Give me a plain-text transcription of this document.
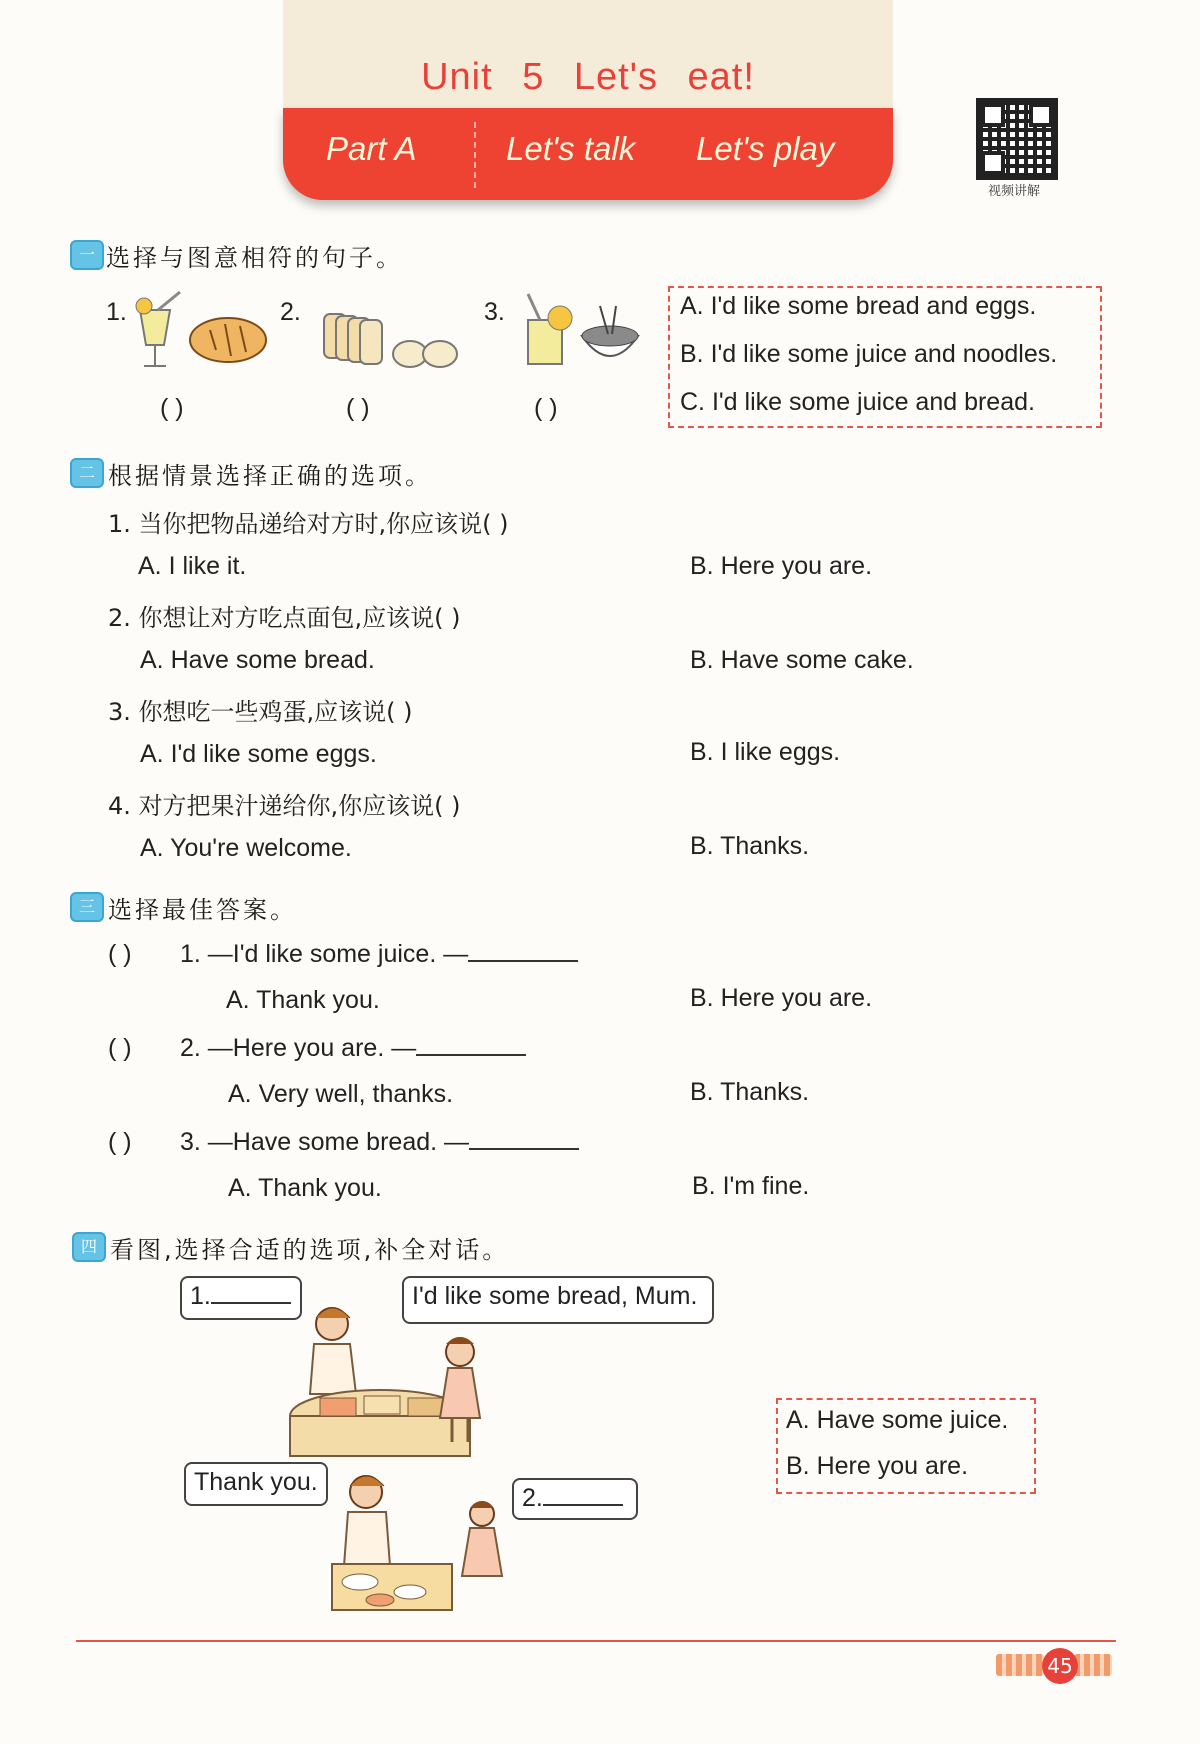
Unit 5 Let's eat!
Part A	Let's talk Let's play
视频讲解
一 选择与图意相符的句子。
1.
( )
2.
( )
3.
( )
A. I'd like some bread and eggs.
B. I'd like some juice and noodles.
C. I'd like some juice and bread.
二 根据情景选择正确的选项。
1. 当你把物品递给对方时,你应该说( )
A. I like it.	B. Here you are.
2. 你想让对方吃点面包,应该说( )
A. Have some bread.	B. Have some cake.
3. 你想吃一些鸡蛋,应该说( )
A. I'd like some eggs.	B. I like eggs.
4. 对方把果汁递给你,你应该说( )
A. You're welcome.	B. Thanks.
三 选择最佳答案。
( ) 1. —I'd like some juice. —
A. Thank you.	B. Here you are.
( ) 2. —Here you are. —
A. Very well, thanks.	B. Thanks.
( ) 3. —Have some bread. —
A. Thank you.	B. I'm fine.
四 看图,选择合适的选项,补全对话。
1.	I'd like some bread, Mum.
Thank you.
2.
A. Have some juice.
B. Here you are.
45
